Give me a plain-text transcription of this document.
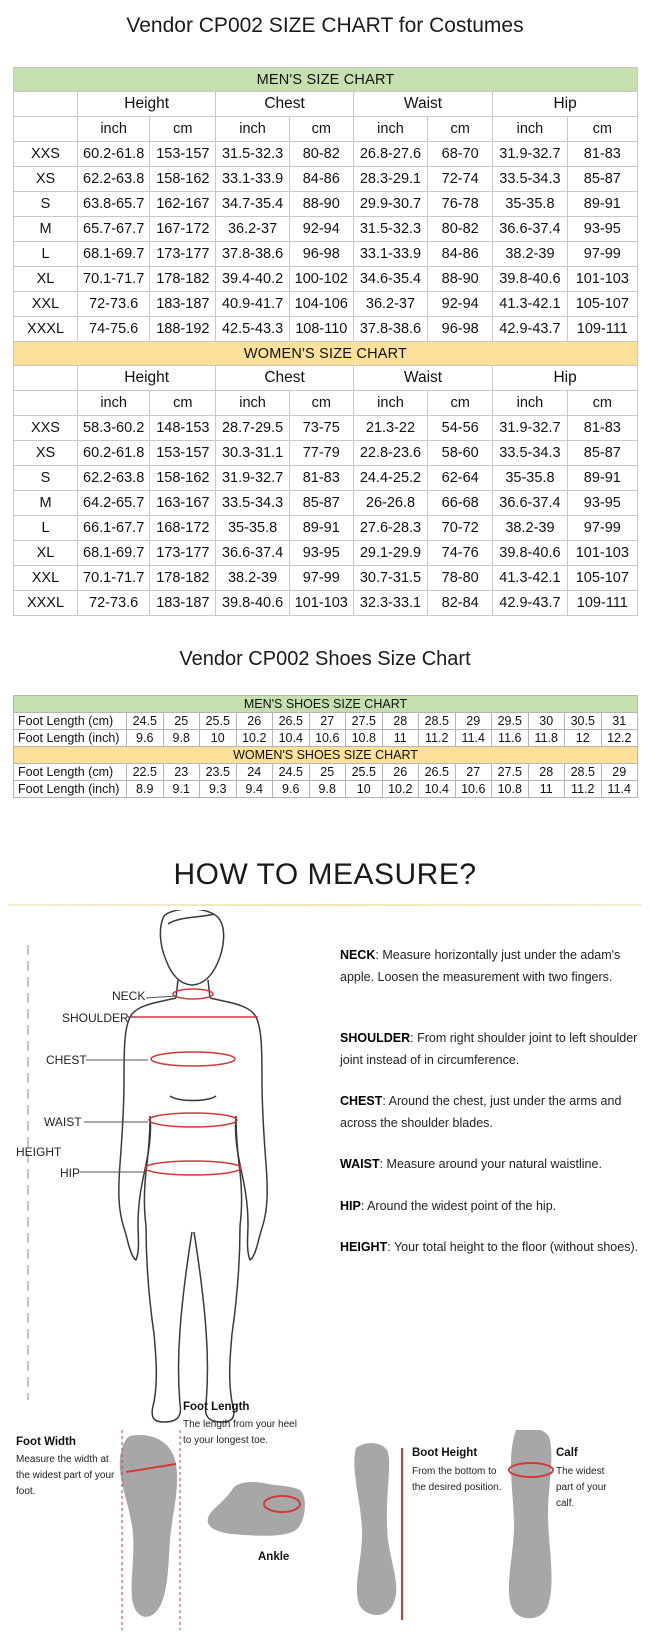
Vendor CP002 SIZE CHART for Costumes
MEN'S SIZE CHART								
	Height		Chest		Waist		Hip	
	inch	cm	inch	cm	inch	cm	inch	cm
XXS	60.2-61.8	153-157	31.5-32.3	80-82	26.8-27.6	68-70	31.9-32.7	81-83
XS	62.2-63.8	158-162	33.1-33.9	84-86	28.3-29.1	72-74	33.5-34.3	85-87
S	63.8-65.7	162-167	34.7-35.4	88-90	29.9-30.7	76-78	35-35.8	89-91
M	65.7-67.7	167-172	36.2-37	92-94	31.5-32.3	80-82	36.6-37.4	93-95
L	68.1-69.7	173-177	37.8-38.6	96-98	33.1-33.9	84-86	38.2-39	97-99
XL	70.1-71.7	178-182	39.4-40.2	100-102	34.6-35.4	88-90	39.8-40.6	101-103
XXL	72-73.6	183-187	40.9-41.7	104-106	36.2-37	92-94	41.3-42.1	105-107
XXXL	74-75.6	188-192	42.5-43.3	108-110	37.8-38.6	96-98	42.9-43.7	109-111
WOMEN'S SIZE CHART								
	Height		Chest		Waist		Hip	
	inch	cm	inch	cm	inch	cm	inch	cm
XXS	58.3-60.2	148-153	28.7-29.5	73-75	21.3-22	54-56	31.9-32.7	81-83
XS	60.2-61.8	153-157	30.3-31.1	77-79	22.8-23.6	58-60	33.5-34.3	85-87
S	62.2-63.8	158-162	31.9-32.7	81-83	24.4-25.2	62-64	35-35.8	89-91
M	64.2-65.7	163-167	33.5-34.3	85-87	26-26.8	66-68	36.6-37.4	93-95
L	66.1-67.7	168-172	35-35.8	89-91	27.6-28.3	70-72	38.2-39	97-99
XL	68.1-69.7	173-177	36.6-37.4	93-95	29.1-29.9	74-76	39.8-40.6	101-103
XXL	70.1-71.7	178-182	38.2-39	97-99	30.7-31.5	78-80	41.3-42.1	105-107
XXXL	72-73.6	183-187	39.8-40.6	101-103	32.3-33.1	82-84	42.9-43.7	109-111
Vendor CP002 Shoes Size Chart
MEN'S SHOES SIZE CHART														
Foot Length (cm)	24.5	25	25.5	26	26.5	27	27.5	28	28.5	29	29.5	30	30.5	31
Foot Length (inch)	9.6	9.8	10	10.2	10.4	10.6	10.8	11	11.2	11.4	11.6	11.8	12	12.2
WOMEN'S SHOES SIZE CHART														
Foot Length (cm)	22.5	23	23.5	24	24.5	25	25.5	26	26.5	27	27.5	28	28.5	29
Foot Length (inch)	8.9	9.1	9.3	9.4	9.6	9.8	10	10.2	10.4	10.6	10.8	11	11.2	11.4
HOW TO MEASURE?
NECK
SHOULDER
CHEST
WAIST
HEIGHT
HIP
NECK: Measure horizontally just under the adam's apple. Loosen the measurement with two fingers.
SHOULDER: From right shoulder joint to left shoulder joint instead of in circumference.
CHEST: Around the chest, just under the arms and across the shoulder blades.
WAIST: Measure around your natural waistline.
HIP: Around the widest point of the hip.
HEIGHT: Your total height to the floor (without shoes).
Foot Width
Measure the width at
the widest part of your
foot.
Ankle
Boot Height
From the bottom to
the desired position.
Calf
The widest
part of your
calf.
Foot Length
The length from your heel
to your longest toe.
